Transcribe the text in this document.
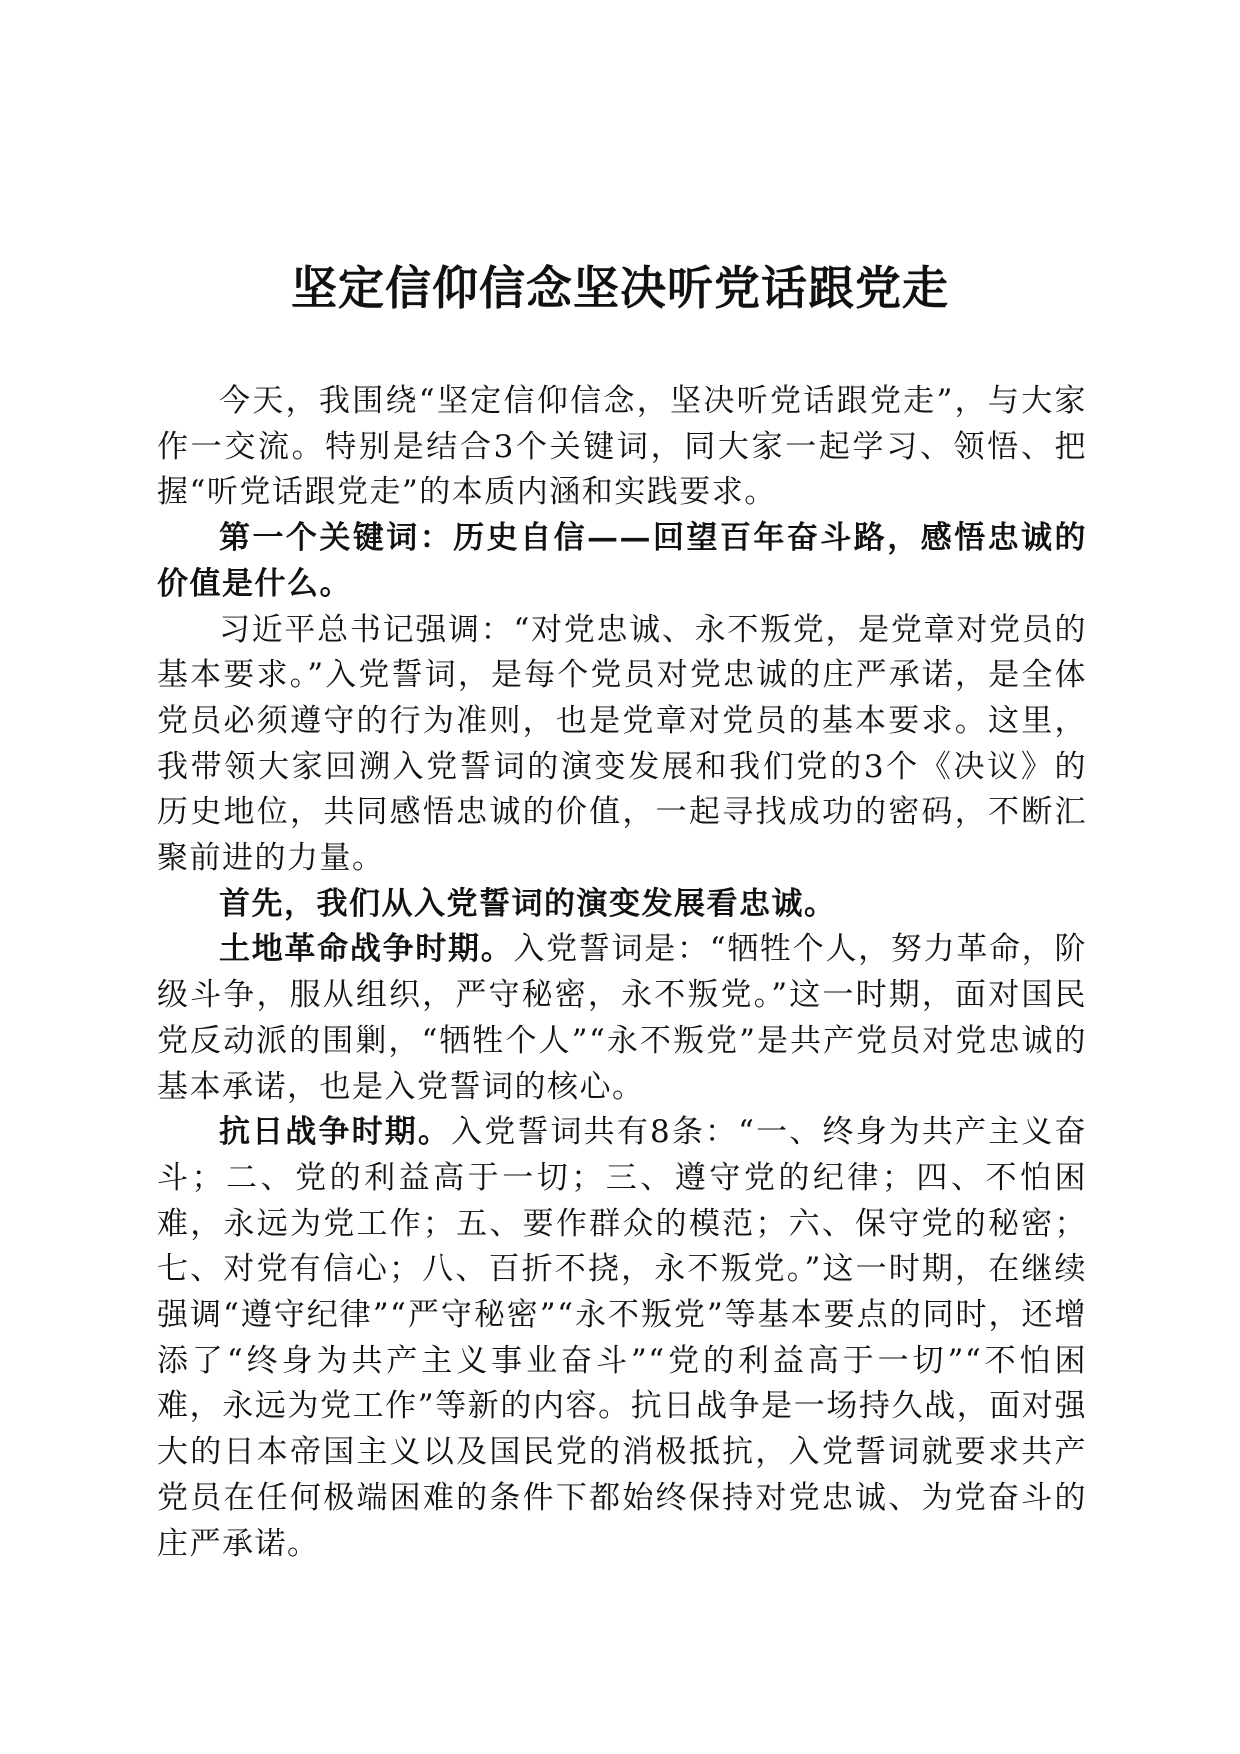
坚定信仰信念坚决听党话跟党走

今天，我围绕“坚定信仰信念，坚决听党话跟党走”，与大家作一交流。特别是结合3个关键词，同大家一起学习、领悟、把握“听党话跟党走”的本质内涵和实践要求。

第一个关键词：历史自信——回望百年奋斗路，感悟忠诚的价值是什么。

习近平总书记强调：“对党忠诚、永不叛党，是党章对党员的基本要求。”入党誓词，是每个党员对党忠诚的庄严承诺，是全体党员必须遵守的行为准则，也是党章对党员的基本要求。这里，我带领大家回溯入党誓词的演变发展和我们党的3个《决议》的历史地位，共同感悟忠诚的价值，一起寻找成功的密码，不断汇聚前进的力量。

首先，我们从入党誓词的演变发展看忠诚。

土地革命战争时期。入党誓词是：“牺牲个人，努力革命，阶级斗争，服从组织，严守秘密，永不叛党。”这一时期，面对国民党反动派的围剿，“牺牲个人”“永不叛党”是共产党员对党忠诚的基本承诺，也是入党誓词的核心。

抗日战争时期。入党誓词共有8条：“一、终身为共产主义奋斗；二、党的利益高于一切；三、遵守党的纪律；四、不怕困难，永远为党工作；五、要作群众的模范；六、保守党的秘密；七、对党有信心；八、百折不挠，永不叛党。”这一时期，在继续强调“遵守纪律”“严守秘密”“永不叛党”等基本要点的同时，还增添了“终身为共产主义事业奋斗”“党的利益高于一切”“不怕困难，永远为党工作”等新的内容。抗日战争是一场持久战，面对强大的日本帝国主义以及国民党的消极抵抗，入党誓词就要求共产党员在任何极端困难的条件下都始终保持对党忠诚、为党奋斗的庄严承诺。
